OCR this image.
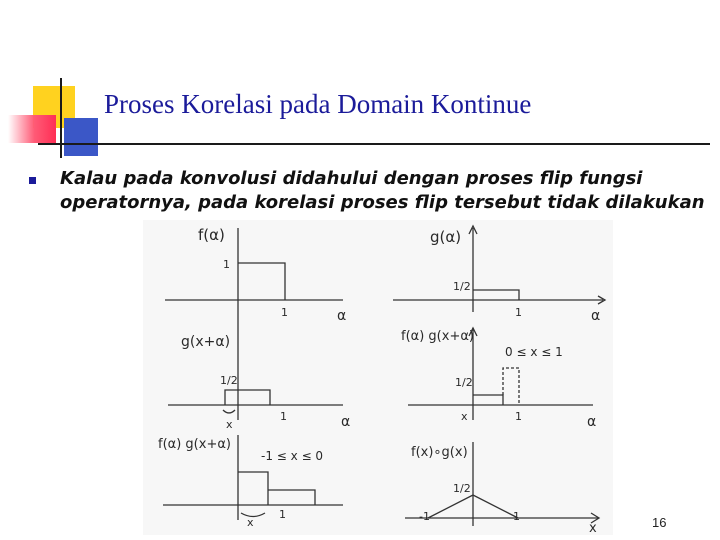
Proses Korelasi pada Domain Kontinue
Kalau pada konvolusi didahului dengan proses flip fungsi operatornya, pada korelasi proses flip tersebut tidak dilakukan
f(α)
1
1	α
g(α)
1/2
1	α
g(x+α)
1/2
1
x	α
f(α) g(x+α)
0 ≤ x ≤ 1
1/2
x	1	α
f(α) g(x+α)
-1 ≤ x ≤ 0
1
x
f(x)∘g(x)
1/2
-1	1
x	16
